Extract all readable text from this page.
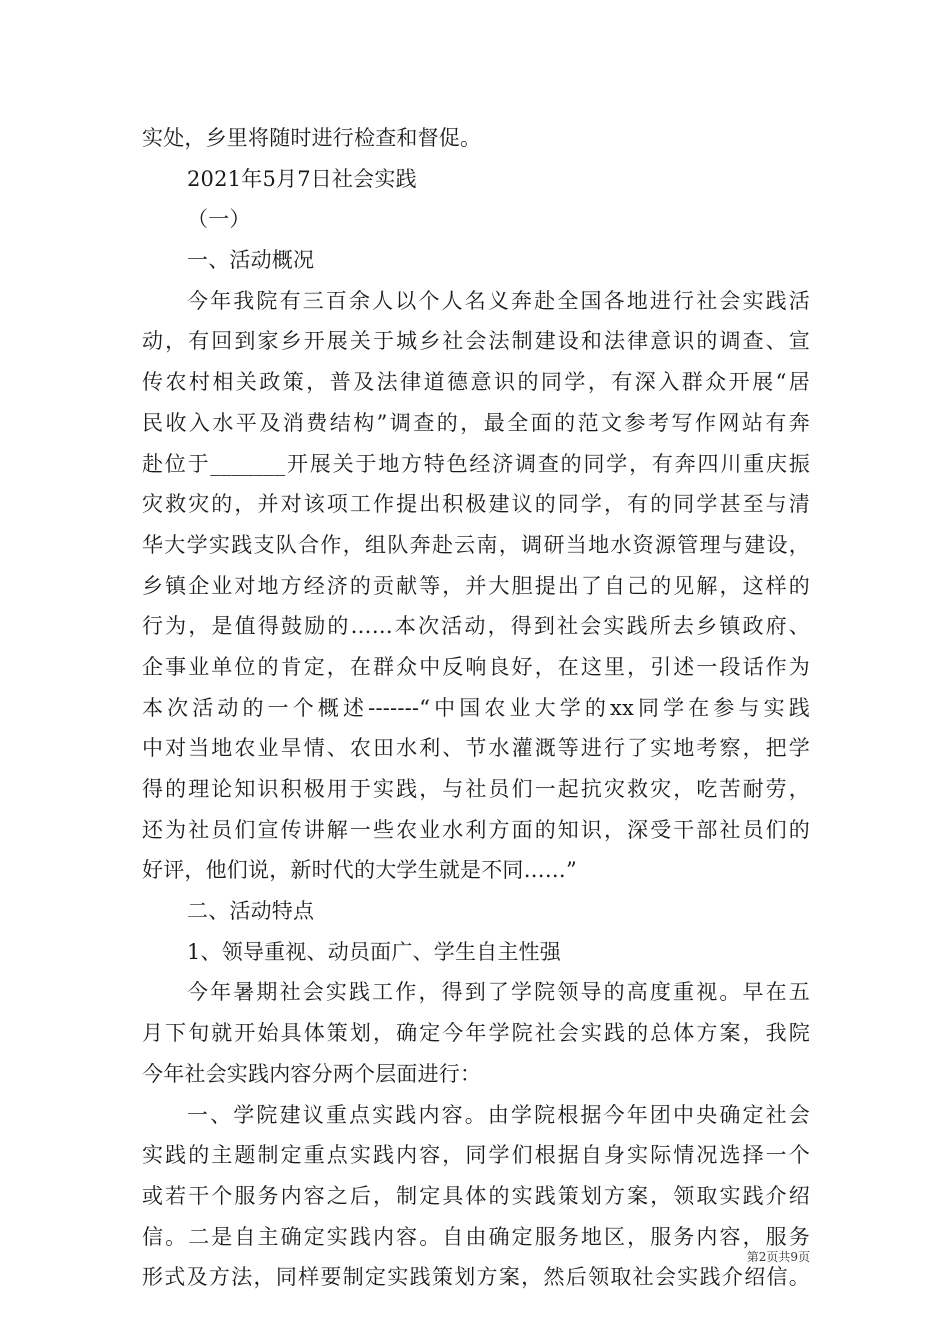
实处，乡里将随时进行检查和督促。
2021年5月7日社会实践
（一）
一、活动概况
今年我院有三百余人以个人名义奔赴全国各地进行社会实践活
动，有回到家乡开展关于城乡社会法制建设和法律意识的调查、宣
传农村相关政策，普及法律道德意识的同学，有深入群众开展“居
民收入水平及消费结构”调查的，最全面的范文参考写作网站有奔
赴位于_______开展关于地方特色经济调查的同学，有奔四川重庆振
灾救灾的，并对该项工作提出积极建议的同学，有的同学甚至与清
华大学实践支队合作，组队奔赴云南，调研当地水资源管理与建设，
乡镇企业对地方经济的贡献等，并大胆提出了自己的见解，这样的
行为，是值得鼓励的……本次活动，得到社会实践所去乡镇政府、
企事业单位的肯定，在群众中反响良好，在这里，引述一段话作为
本次活动的一个概述-------“中国农业大学的xx同学在参与实践
中对当地农业旱情、农田水利、节水灌溉等进行了实地考察，把学
得的理论知识积极用于实践，与社员们一起抗灾救灾，吃苦耐劳，
还为社员们宣传讲解一些农业水利方面的知识，深受干部社员们的
好评，他们说，新时代的大学生就是不同……”
二、活动特点
1、领导重视、动员面广、学生自主性强
今年暑期社会实践工作，得到了学院领导的高度重视。早在五
月下旬就开始具体策划，确定今年学院社会实践的总体方案，我院
今年社会实践内容分两个层面进行：
一、学院建议重点实践内容。由学院根据今年团中央确定社会
实践的主题制定重点实践内容，同学们根据自身实际情况选择一个
或若干个服务内容之后，制定具体的实践策划方案，领取实践介绍
信。二是自主确定实践内容。自由确定服务地区，服务内容，服务
形式及方法，同样要制定实践策划方案，然后领取社会实践介绍信。
第2页共9页
